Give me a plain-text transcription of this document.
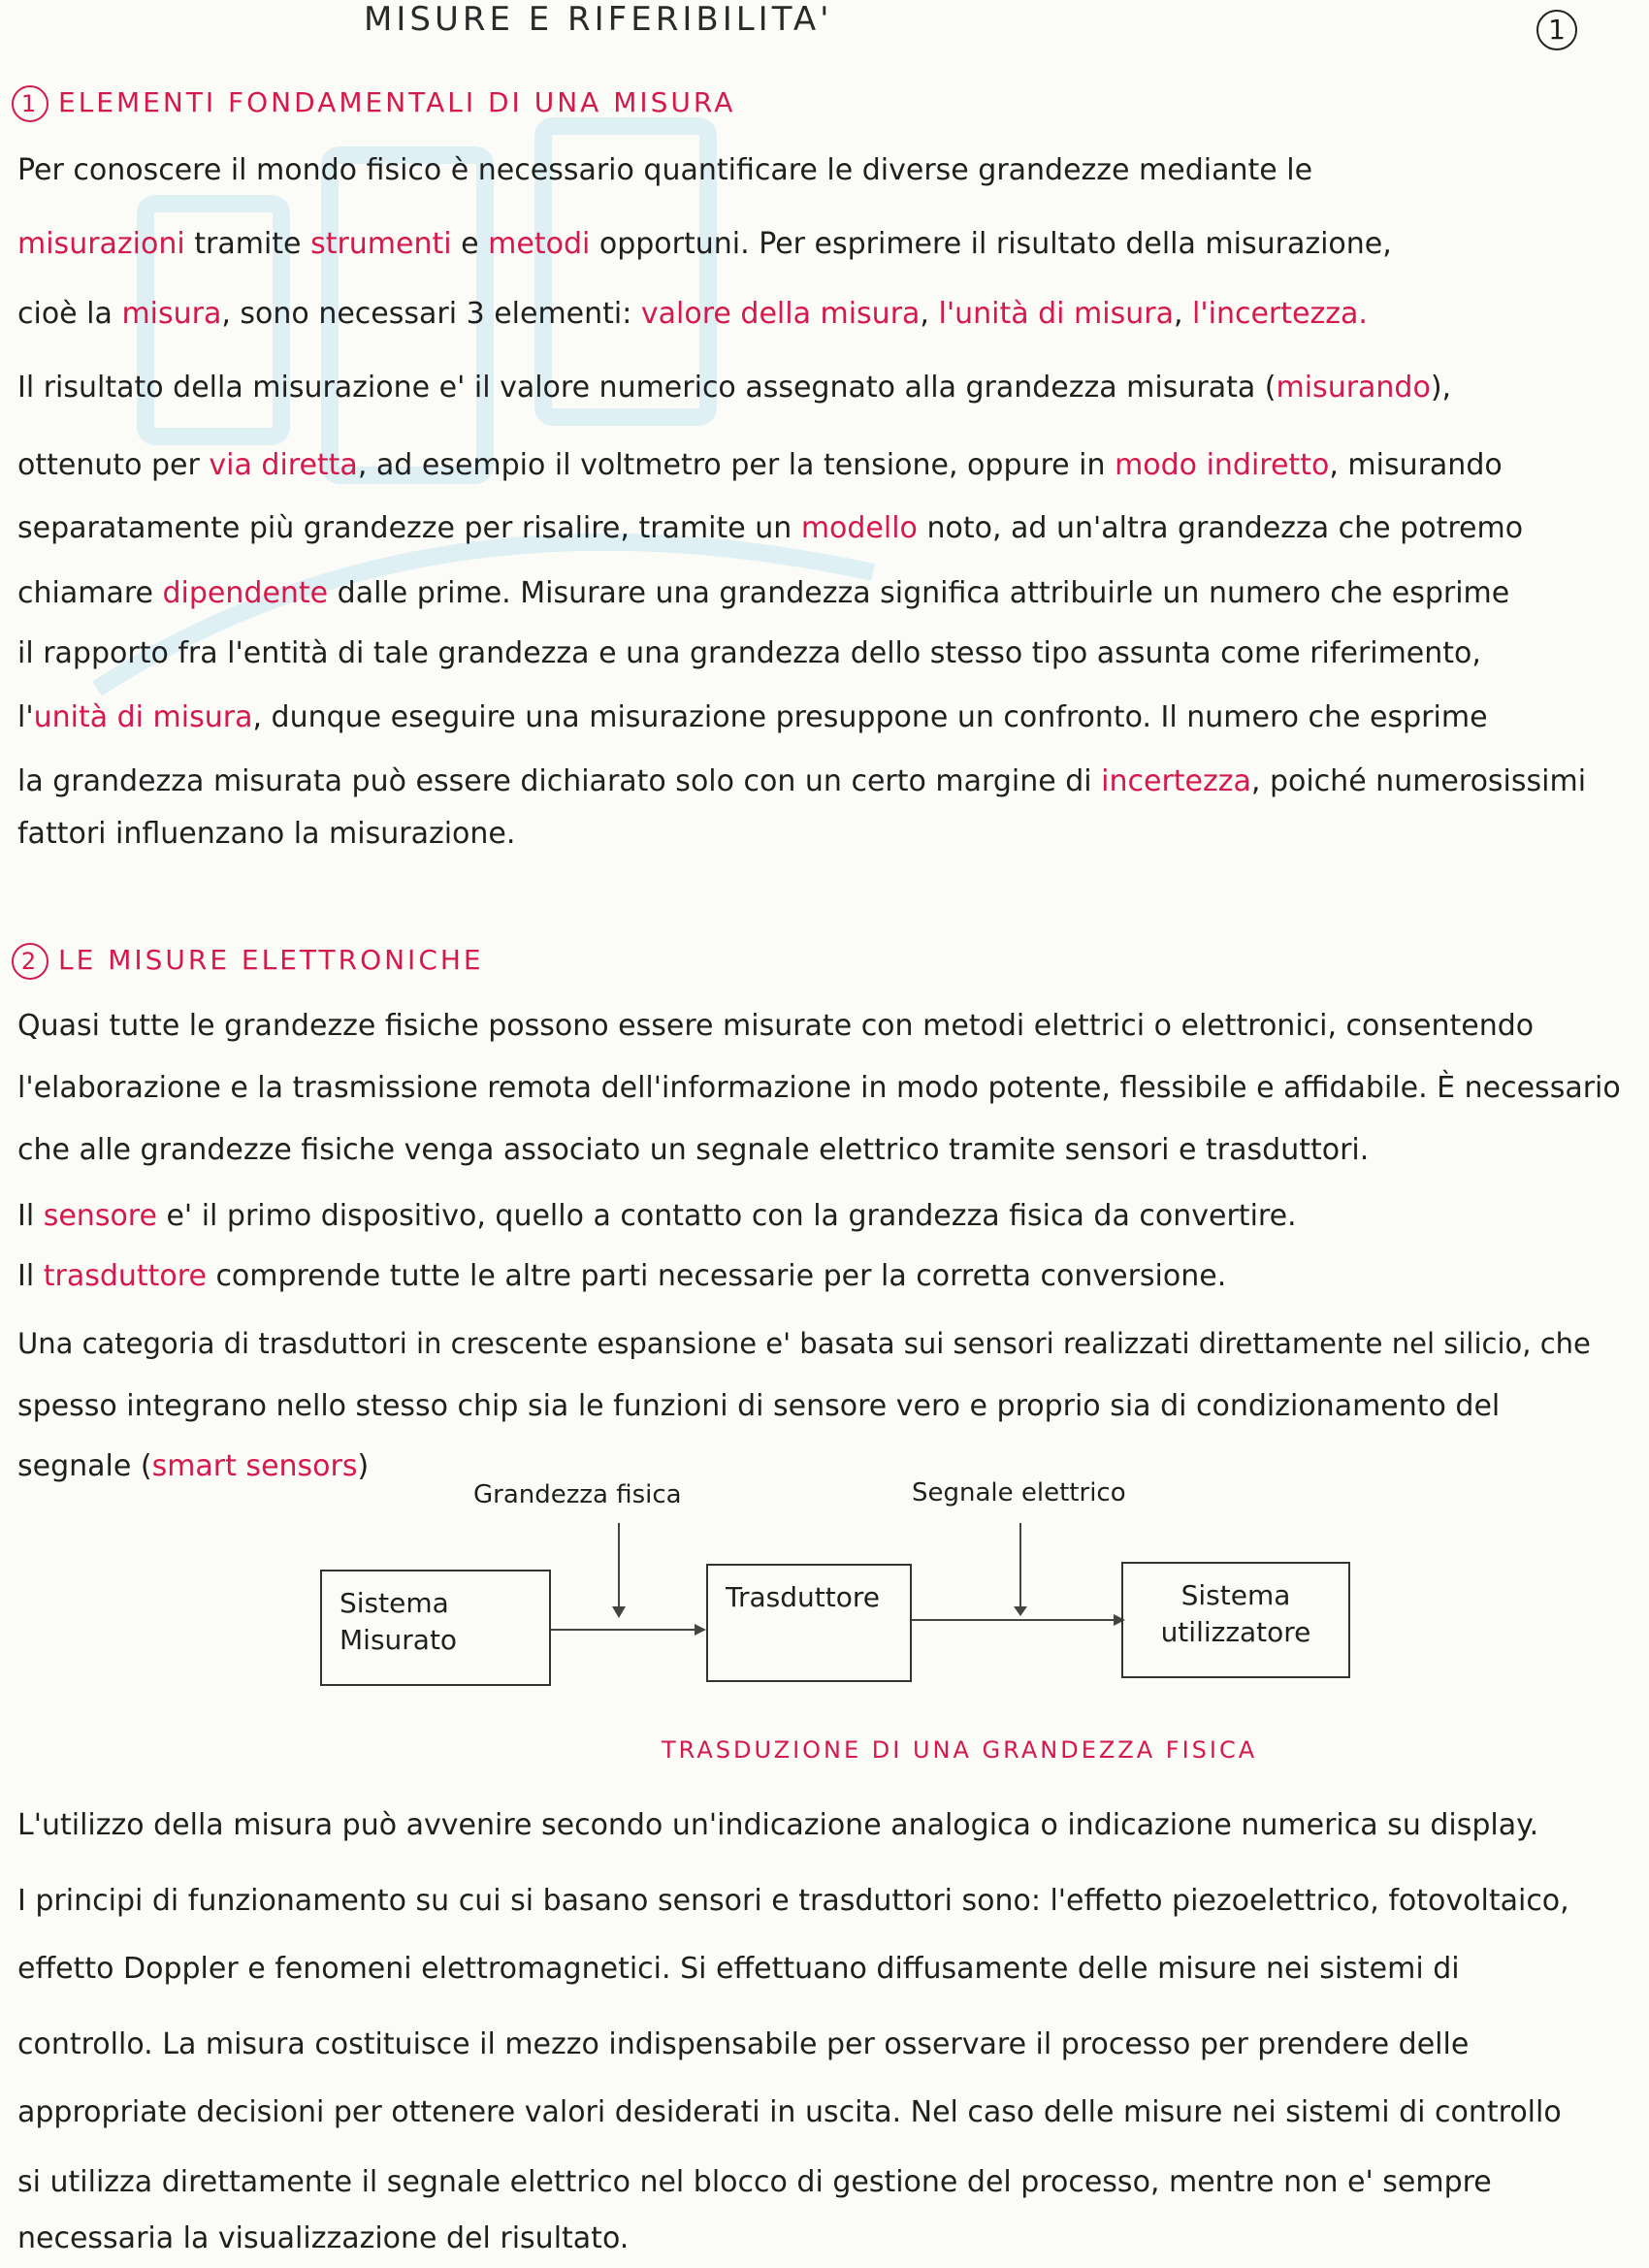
MISURE E RIFERIBILITA'	1
1 ELEMENTI FONDAMENTALI DI UNA MISURA
Per conoscere il mondo fisico è necessario quantificare le diverse grandezze mediante le
misurazioni tramite strumenti e metodi opportuni. Per esprimere il risultato della misurazione,
cioè la misura, sono necessari 3 elementi: valore della misura, l'unità di misura, l'incertezza.
Il risultato della misurazione e' il valore numerico assegnato alla grandezza misurata (misurando),
ottenuto per via diretta, ad esempio il voltmetro per la tensione, oppure in modo indiretto, misurando
separatamente più grandezze per risalire, tramite un modello noto, ad un'altra grandezza che potremo
chiamare dipendente dalle prime. Misurare una grandezza significa attribuirle un numero che esprime
il rapporto fra l'entità di tale grandezza e una grandezza dello stesso tipo assunta come riferimento,
l'unità di misura, dunque eseguire una misurazione presuppone un confronto. Il numero che esprime
la grandezza misurata può essere dichiarato solo con un certo margine di incertezza, poiché numerosissimi
fattori influenzano la misurazione.
2 LE MISURE ELETTRONICHE
Quasi tutte le grandezze fisiche possono essere misurate con metodi elettrici o elettronici, consentendo
l'elaborazione e la trasmissione remota dell'informazione in modo potente, flessibile e affidabile. È necessario
che alle grandezze fisiche venga associato un segnale elettrico tramite sensori e trasduttori.
Il sensore e' il primo dispositivo, quello a contatto con la grandezza fisica da convertire.
Il trasduttore comprende tutte le altre parti necessarie per la corretta conversione.
Una categoria di trasduttori in crescente espansione e' basata sui sensori realizzati direttamente nel silicio, che
spesso integrano nello stesso chip sia le funzioni di sensore vero e proprio sia di condizionamento del
segnale (smart sensors)
Grandezza fisica	Segnale elettrico
Sistema Misurato
Trasduttore	Sistema utilizzatore
TRASDUZIONE DI UNA GRANDEZZA FISICA
L'utilizzo della misura può avvenire secondo un'indicazione analogica o indicazione numerica su display.
I principi di funzionamento su cui si basano sensori e trasduttori sono: l'effetto piezoelettrico, fotovoltaico,
effetto Doppler e fenomeni elettromagnetici. Si effettuano diffusamente delle misure nei sistemi di
controllo. La misura costituisce il mezzo indispensabile per osservare il processo per prendere delle
appropriate decisioni per ottenere valori desiderati in uscita. Nel caso delle misure nei sistemi di controllo
si utilizza direttamente il segnale elettrico nel blocco di gestione del processo, mentre non e' sempre
necessaria la visualizzazione del risultato.
